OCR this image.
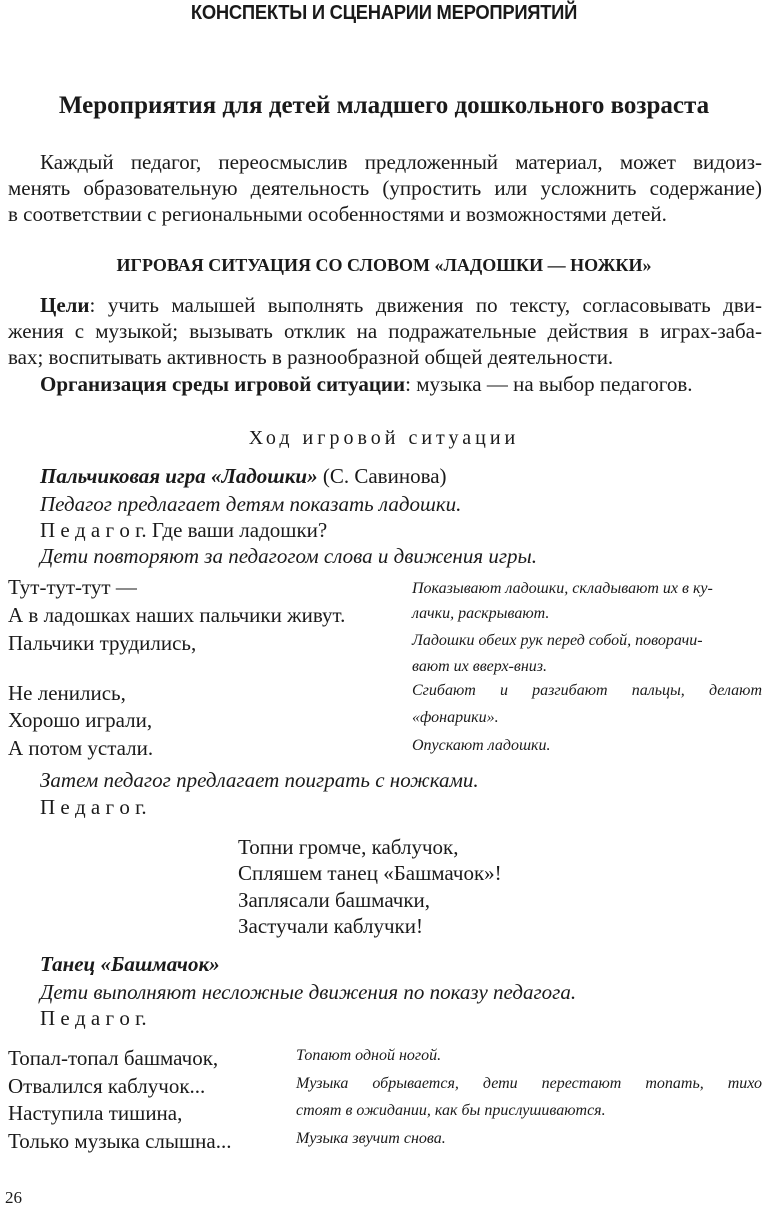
КОНСПЕКТЫ И СЦЕНАРИИ МЕРОПРИЯТИЙ
Мероприятия для детей младшего дошкольного возраста
Каждый педагог, переосмыслив предложенный материал, может видоиз-
менять образовательную деятельность (упростить или усложнить содержание)
в соответствии с региональными особенностями и возможностями детей.
ИГРОВАЯ СИТУАЦИЯ СО СЛОВОМ «ЛАДОШКИ — НОЖКИ»
Цели: учить малышей выполнять движения по тексту, согласовывать дви-
жения с музыкой; вызывать отклик на подражательные действия в играх-заба-
вах; воспитывать активность в разнообразной общей деятельности.
Организация среды игровой ситуации: музыка — на выбор педагогов.
Ход игровой ситуации
Пальчиковая игра «Ладошки» (С. Савинова)
Педагог предлагает детям показать ладошки.
П е д а г о г. Где ваши ладошки?
Дети повторяют за педагогом слова и движения игры.
Тут-тут-тут —
А в ладошках наших пальчики живут.
Пальчики трудились,
Не ленились,
Хорошо играли,
А потом устали.
Показывают ладошки, складывают их в ку-
лачки, раскрывают.
Ладошки обеих рук перед собой, поворачи-
вают их вверх-вниз.
Сгибают и разгибают пальцы, делают
«фонарики».
Опускают ладошки.
Затем педагог предлагает поиграть с ножками.
П е д а г о г.
Топни громче, каблучок,
Спляшем танец «Башмачок»!
Заплясали башмачки,
Застучали каблучки!
Танец «Башмачок»
Дети выполняют несложные движения по показу педагога.
П е д а г о г.
Топал-топал башмачок,
Отвалился каблучок...
Наступила тишина,
Только музыка слышна...
Топают одной ногой.
Музыка обрывается, дети перестают топать, тихо
стоят в ожидании, как бы прислушиваются.
Музыка звучит снова.
26
